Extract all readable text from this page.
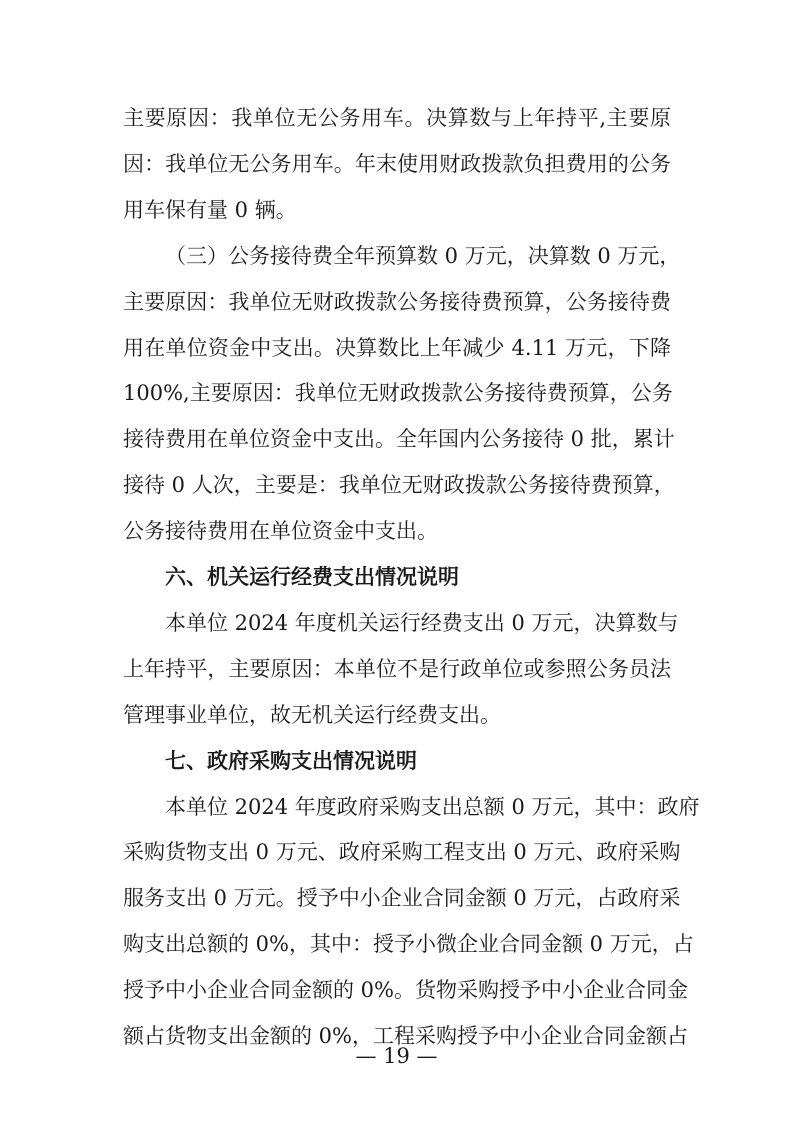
主要原因：我单位无公务用车。决算数与上年持平,主要原
因：我单位无公务用车。年末使用财政拨款负担费用的公务
用车保有量 0 辆。
（三）公务接待费全年预算数 0 万元，决算数 0 万元，
主要原因：我单位无财政拨款公务接待费预算，公务接待费
用在单位资金中支出。决算数比上年减少 4.11 万元，下降
100%,主要原因：我单位无财政拨款公务接待费预算，公务
接待费用在单位资金中支出。全年国内公务接待 0 批，累计
接待 0 人次，主要是：我单位无财政拨款公务接待费预算，
公务接待费用在单位资金中支出。
六、机关运行经费支出情况说明
本单位 2024 年度机关运行经费支出 0 万元，决算数与
上年持平，主要原因：本单位不是行政单位或参照公务员法
管理事业单位，故无机关运行经费支出。
七、政府采购支出情况说明
本单位 2024 年度政府采购支出总额 0 万元，其中：政府
采购货物支出 0 万元、政府采购工程支出 0 万元、政府采购
服务支出 0 万元。授予中小企业合同金额 0 万元，占政府采
购支出总额的 0%，其中：授予小微企业合同金额 0 万元，占
授予中小企业合同金额的 0%。货物采购授予中小企业合同金
额占货物支出金额的 0%，工程采购授予中小企业合同金额占
— 19 —
